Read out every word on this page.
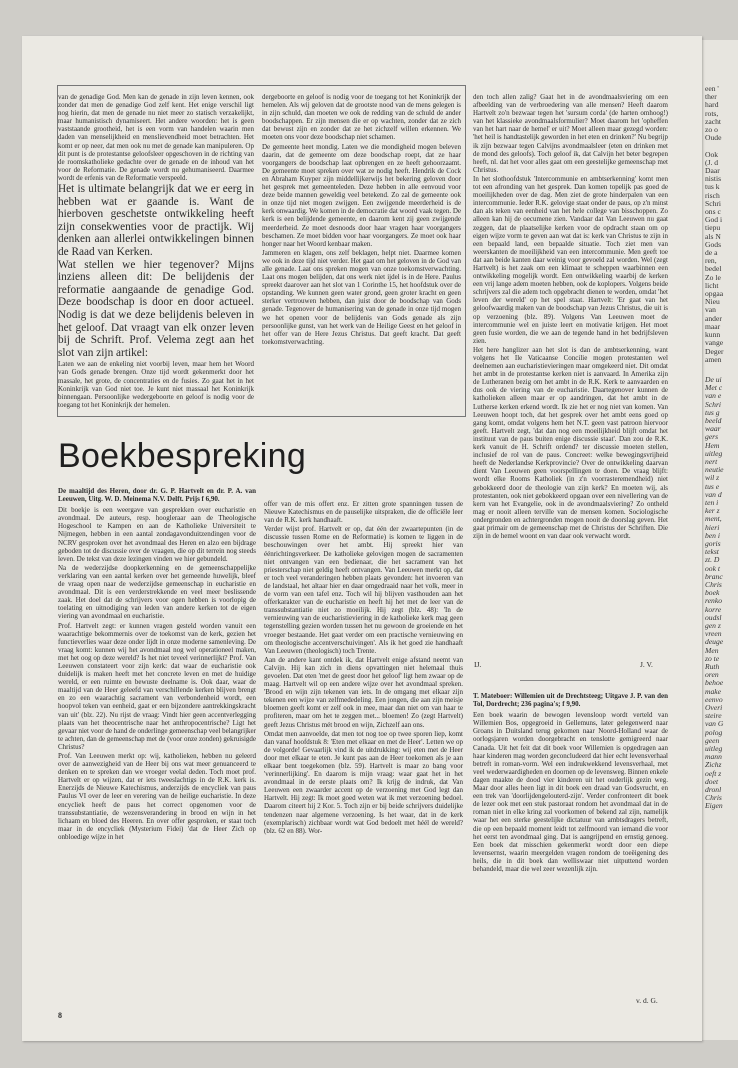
van de genadige God. Men kan de genade in zijn leven kennen, ook zonder dat men de genadige God zelf kent. Het enige verschil ligt nog hierin, dat men de genade nu niet meer zo statisch verzakelijkt, maar humanistisch dynamiseert. Het andere woorden: het is geen vaststaande grootheid, het is een vorm van handelen waarin men daden van menselijkheid en menslievendheid moet betrachten. Het komt er op neer, dat men ook nu met de genade kan manipuleren. Op dit punt is de protestantse geloofsleer opgeschoven in de richting van de roomskatholieke gedachte over de genade en de inhoud van het voor de Reformatie. De genade wordt nu gehumaniseerd. Daarmee wordt de erfenis van de Reformatie verspeeld.

Het is ultimate belangrijk dat we er eerg in hebben wat er gaande is. Want de hierboven geschetste ontwikkeling heeft zijn consekwenties voor de practijk. Wij denken aan allerlei ontwikkelingen binnen de Raad van Kerken.
Wat stellen we hier tegenover? Mijns inziens alleen dit: De belijdenis der reformatie aangaande de genadige God. Deze boodschap is door en door actueel. Nodig is dat we deze belijdenis beleven in het geloof. Dat vraagt van elk onzer leven bij de Schrift. Prof. Velema zegt aan het slot van zijn artikel:

Laten we aan de enkeling niet voorbij leven, maar hem het Woord van Gods genade brengen. Onze tijd wordt gekenmerkt door het massale, het grote, de concentraties en de fusies. Zo gaat het in het Koninkrijk van God niet toe. Je kunt niet massaal het Koninkrijk binnengaan. Persoonlijke wedergeboorte en geloof is nodig voor de toegang tot het Koninkrijk der hemelen.

dergeboorte en geloof is nodig voor de toegang tot het Koninkrijk der hemelen. Als wij geloven dat de grootste nood van de mens gelegen is in zijn schuld, dan moeten we ook de redding van de schuld de ander boodschappen. Er zijn mensen die er op wachten, zonder dat ze zich dat bewust zijn en zonder dat ze het zichzelf willen erkennen. We moeten ons voor deze boodschap niet schamen.

De gemeente heet mondig. Laten we die mondigheid mogen beleven daarin, dat de gemeente om deze boodschap roept, dat ze haar voorgangers de boodschap laat opbrengen en ze heeft gehoorzaamt. De gemeente moet spreken over wat ze nodig heeft. Hendrik de Cock en Abraham Kuyper zijn middellijkerwijs het bekering geloven door het gesprek met gemeenteleden. Deze hebben in alle eenvoud voor deze beide mannen geweldig veel betekend. Zo zal de gemeente ook in onze tijd niet mogen zwijgen. Een zwijgende meerderheid is de kerk onwaardig. We komen in de democratie dat woord vaak tegen. De kerk is een belijdende gemeente, en daarom kent zij geen zwijgende meerderheid. Ze moet desnoods door haar vragen haar voorgangers beschamen. Ze moet bidden voor haar voorgangers. Ze moet ook haar honger naar het Woord kenbaar maken.

Jammeren en klagen, ons zelf beklagen, helpt niet. Daarmee komen we ook in deze tijd niet verder. Het gaat om het geloven in de God van alle genade. Laat ons spreken mogen van onze toekomstverwachting. Laat ons mogen belijden, dat ons werk niet ijdel is in de Here. Paulus spreekt daarover aan het slot van 1 Corinthe 15, het hoofdstuk over de opstanding. We kunnen geen water grond, geen groter kracht en geen sterker vertrouwen hebben, dan juist door de boodschap van Gods genade. Tegenover de humanisering van de genade in onze tijd mogen we het openen voor de belijdenis van Gods genade als zijn persoonlijke gunst, van het werk van de Heilige Geest en het geloof in het offer van de Here Jezus Christus. Dat geeft kracht. Dat geeft toekomstverwachting.

den toch allen zalig? Gaat het in de avondmaalsviering om een afbeelding van de verbroedering van alle mensen? Heeft daarom Hartvelt zo'n bezwaar tegen het 'sursum corda' (de harten omhoog!) van het klassieke avondmaalsformulier? Moet daarom het 'opheffen van het hart naar de hemel' er uit? Moet alleen maar gezegd worden: 'het heil is handtastelijk geworden in het eten en drinken?' Nu begrijp ik zijn bezwaar tegen Calvijns avondmaalsleer (eten en drinken met de mond des geloofs). Toch geloof ik, dat Calvijn het beter begrepen heeft, nl. dat het voor alles gaat om een geestelijke gemeenschap met Christus.

In het slothoofdstuk 'Intercommunie en ambtserkenning' komt men tot een afronding van het gesprek. Dan komen topelijk pas goed de moeilijkheden over de dag. Men ziet de grote hinderpalen van een intercommunie. Ieder R.K. gelovige staat onder de paus, op z'n minst dan als teken van eenheid van het hele college van bisschoppen. Zo alleen kan hij de oecumene zien. Vandaar dat Van Leeuwen nu gaat zeggen, dat de plaatselijke kerken voor de opdracht staan om op eigen wijze vorm te geven aan wat dat is: kerk van Christus te zijn in een bepaald land, een bepaalde situatie. Toch ziet men van weerskanten de moeilijkheid van een intercommunie. Men geeft toe dat aan beide kanten daar weinig voor gevoeld zal worden. Wel (zegt Hartvelt) is het zaak om een klimaat te scheppen waarbinnen een ontwikkeling mogelijk wordt. Een ontwikkeling waarbij de kerken een vrij lange adem moeten hebben, ook de koplopers. Volgens beide schrijvers zal die adem toch opgebracht dienen te worden, omdat 'het leven der wereld' op het spel staat. Hartvelt: 'Er gaat van het geloofwaardig maken van de boodschap van Jezus Christus, die uit is op verzoening (blz. 89). Volgens Van Leeuwen moet de intercommunie wel en juiste leert en motivatie krijgen. Het moet geen fusie worden, die we aan de tegende hand in het bedrijfsleven zien.

Het here hanglizer aan het slot is dan de ambtserkenning, want volgens het Ile Vaticaanse Concilie mogen protestanten wel deelnemen aan eucharistievieringen maar omgekeerd niet. Dit omdat het ambt in de protestantse kerken niet is aanvaard. In Amerika zijn de Lutheranen bezig om het ambt in de R.K. Kerk te aanvaarden en dus ook de viering van de eucharistie. Daartegenover kunnen de katholieken alleen maar er op aandringen, dat het ambt in de Lutherse kerken erkend wordt. Ik zie het er nog niet van komen. Van Leeuwen hoopt toch, dat het gesprek over het ambt eens goed op gang komt, omdat volgens hem het N.T. geen vast patroon hiervoor geeft. Hartvelt zegt, 'dat dan nog een moeilijkheid blijft omdat het instituut van de paus buiten enige discussie staat'. Dan zou de R.K. kerk vanuit de H. Schrift ordend? ter discussie moeten stellen, inclusief de rol van de paus. Concreet: welke bewegingsvrijheid heeft de Nederlandse Kerkprovincie? Over de ontwikkeling daarvan dient Van Leeuwen geen voorspellingen te doen. De vraag blijft: wordt elke Rooms Katholiek (in z'n voorrasteremendheid) niet gebokkeerd door de theologie van zijn kerk? En moeten wij, als protestanten, ook niet gebokkeerd opgaan over een nivellering van de kern van het Evangelie, ook in de avondmaalsviering? Zo ontheld mag er nooit alleen terville van de mensen komen. Sociologische ondergronden en achtergronden mogen nooit de doorslag geven. Het gaat primair om de gemeenschap met de Christus der Schriften. Die zijn in de hemel woont en van daar ook verwacht wordt.

Boekbespreking

De maaltijd des Heren, door dr. G. P. Hartvelt en dr. P. A. van Leeuwen, Uitg. W. D. Meinema N.V. Delft. Prijs f 6,90.

Dit boekje is een weergave van gesprekken over eucharistie en avondmaal. De auteurs, resp. hoogleraar aan de Theologische Hogeschool te Kampen en aan de Katholieke Universiteit te Nijmegen, hebben in een aantal zondagavonduitzendingen voor de NCRV gesproken over het avondmaal des Heren en alzo een bijdrage geboden tot de discussie over de vraagen, die op dit terrein nog steeds leven. De tekst van deze lezingen vinden we hier gebundeld.

Na de wederzijdse doopkerkenning en de gemeenschappelijke verklaring van een aantal kerken over het gemeende huwelijk, bleef de vraag open naar de wederzijdse gemeenschap in eucharistie en avondmaal. Dit is een verderstrekkende en veel meer beslissende zaak. Het doel dat de schrijvers voor ogen hebben is voorlopig de toelating en uitnodiging van leden van andere kerken tot de eigen viering van avondmaal en eucharistie.

Prof. Hartvelt zegt: er kunnen vragen gesteld worden vanuit een waarachtige bekommernis over de toekomst van de kerk, gezien het functieverlies waar deze onder lijdt in onze moderne samenleving. De vraag komt: kunnen wij het avondmaal nog wel operationeel maken, met het oog op deze wereld? Is het niet teveel verinnerlijkt? Prof. Van Leeuwen constateert voor zijn kerk: dat waar de eucharistie ook duidelijk is maken heeft met het concrete leven en met de huidige wereld, er een ruimte en bewuste deelname is. Ook daar, waar de maaltijd van de Heer geleefd van verschillende kerken blijven brengt en zo een waarachtig sacrament van verbondenheid wordt, een hoopvol teken van eenheid, gaat er een bijzondere aantrekkingskracht van uit' (blz. 22). Nu rijst de vraag: Vindt hier geen accentverlegging plaats van het theocentrische naar het anthropocentrische? Ligt het gevaar niet voor de hand de onderlinge gemeenschap veel belangrijker te achten, dan de gemeenschap met de (voor onze zonden) gekruisigde Christus?

Prof. Van Leeuwen merkt op: wij, katholieken, hebben nu geleerd over de aanwezigheid van de Heer bij ons wat meer genuanceerd te denken en te spreken dan we vroeger veelal deden. Toch moet prof. Hartvelt er op wijzen, dat er iets tweeslachtigs in de R.K. kerk is. Enerzijds de Nieuwe Katechismus, anderzijds de encycliek van paus Paulus VI over de leer en verering van de heilige eucharistie. In deze encycliek heeft de paus het correct opgenomen voor de transsubstantiatie, de wezensverandering in brood en wijn in het lichaam en bloed des Heeren. En over offer gesproken, er staat toch maar in de encycliek (Mysterium Fidei) 'dat de Heer Zich op onbloedige wijze in het

offer van de mis offert enz. Er zitten grote spanningen tussen de Nieuwe Katechismus en de pauselijke uitspraken, die de officiële leer van de R.K. kerk handhaaft.

Verder wijst prof. Hartvelt er op, dat één der zwaartepunten (in de discussie tussen Rome en de Reformatie) is komen te liggen in de beschouwingen over het ambt. Hij spreekt hier van éénrichtingsverkeer. De katholieke gelovigen mogen de sacramenten niet ontvangen van een bedienaar, die het sacrament van het priesterschap niet geldig heeft ontvangen. Van Leeuwen merkt op, dat er toch veel veranderingen hebben plaats gevonden: het invoeren van de landstaal, het altaar hier en daar omgedraaid naar het volk, meer in de vorm van een tafel enz. Toch wil hij blijven vasthouden aan het offerkarakter van de eucharistie en heeft hij het met de leer van de transsubstantiatie niet zo moeilijk. Hij zegt (blz. 48): 'In de vernieuwing van de eucharistieviering in de katholieke kerk mag geen tegenstelling gezien worden tussen het nu gewoon de groeiende en het vroeger bestaande. Het gaat verder om een practische vernieuwing en om theologische accentverschuivingen'. Als ik het goed zie handhaaft Van Leeuwen (theologisch) toch Trente.

Aan de andere kant ontdek ik, dat Hartvelt enige afstand neemt van Calvijn. Hij kan zich in diens opvattingen niet helemaal thuis gevoelen. Dat eten 'met de geest door het geloof' ligt hem zwaar op de maag. Hartvelt wil op een andere wijze over het avondmaal spreken. 'Brood en wijn zijn tekenen van iets. In de omgang met elkaar zijn tekenen een wijze van zelfmededeling. Een jongen, die aan zijn meisje bloemen geeft komt er zelf ook in mee, maar dan niet om van haar te profiteren, maar om het te zeggen met... bloemen! Zo (zegt Hartvelt) geeft Jezus Christus mét brood en wijn, Zichzelf aan ons.

Omdat men aanvoelde, dat men tot nog toe op twee sporen liep, komt dan vanaf hoofdstuk 8: 'Eten met elkaar en met de Heer'. Letten we op de volgorde! Gevaarlijk vind ik de uitdrukking: wij eten met de Heer door met elkaar te eten. Je kunt pas aan de Heer toekomen als je aan elkaar bent toegekomen (blz. 59). Hartvelt is maar zo bang voor 'verinnerlijking'. En daarom is mijn vraag: waar gaat het in het avondmaal in de eerste plaats om? Ik krijg de indruk, dat Van Leeuwen een zwaarder accent op de verzoening met God legt dan Hartvelt. Hij zegt: Ik moet goed weten wat ik met verzoening bedoel. Daarom citeert hij 2 Kor. 5. Toch zijn er bij beide schrijvers duidelijke tendenzen naar algemene verzoening. Is het waar, dat in de kerk (exemplarisch) zichbaar wordt wat God bedoelt met héél de wereld? (blz. 62 en 88). Wor-

IJ.	J. V.

T. Mateboer: Willemien uit de Drechtsteeg; Uitgave J. P. van den Tol, Dordrecht; 236 pagina's; f 9,90.

Een boek waarin de bewogen levensloop wordt verteld van Willemien Bos, opgegroeid in Gellemuns, later gelegenwerd naar Groans in Duitsland terug gekomen naar Noord-Holland waar de oorlogsjaren worden doorgebracht en tenslotte gemigreerd naar Canada. Uit het feit dat dit boek voor Willemien is opgedragen aan haar kinderen mag worden geconcludeerd dat hier echt levensverhaal betreft in roman-vorm. Wel een indrukwekkend levensverhaal, met veel wederwaardigheden en doornen op de levensweg. Binnen enkele dagen maakte de dood vier kinderen uit het ouderlijk gezin weg. Maar door alles heen ligt in dit boek een draad van Godsvrucht, en een trek van 'doorlijdengelouterd-zijn'. Verder confronteert dit boek de lezer ook met een stuk pastoraat rondom het avondmaal dat in de roman niet in elke kring zal voorkomen of bekend zal zijn, namelijk waar het een sterke geestelijke dictatuur van ambtsdragers betreft, die op een bepaald moment leidt tot zelfmoord van iemand die voor het eerst ten avondmaal ging. Dat is aangrijpend en ernstig genoeg. Een boek dat misschien gekenmerkt wordt door een diepe levensernst, waarin meergelden vragen rondom de toeëigening des heils, die in dit boek dan welliswaar niet uitputtend worden behandeld, maar die wel zeer wezenlijk zijn.

v. d. G.
8
een '
ther
hard
rots,
zacht
zo o
Oude

Ook
(J. d
Daar
nistis
tus k
risch
Schri
ons c
God i
tiepu
als N
Gods
de a
ren,
bedel
Zo le
licht
opgaa
Nieu
van
ander
maar
kunn
vange
Deger
amen
De ui
Met c
van e
Schri
tus g
beeld
waar
gers
Hem
uitleg
nert
neutie
wil z
tus e
van d
ten i
ker z
ment,
hieri
ben i
goris
tekst
zt. D
ook t
branc
Chris
boek
renko
korre
oudsl
gen z
vreen
deuge
Men
zo te
Ruth
oren
behoe
make
eenvo
Overi
steire
van G
polog
geen
uitleg
mann
Zichz
oeft z
doet
dronl
Chris
Eigen
